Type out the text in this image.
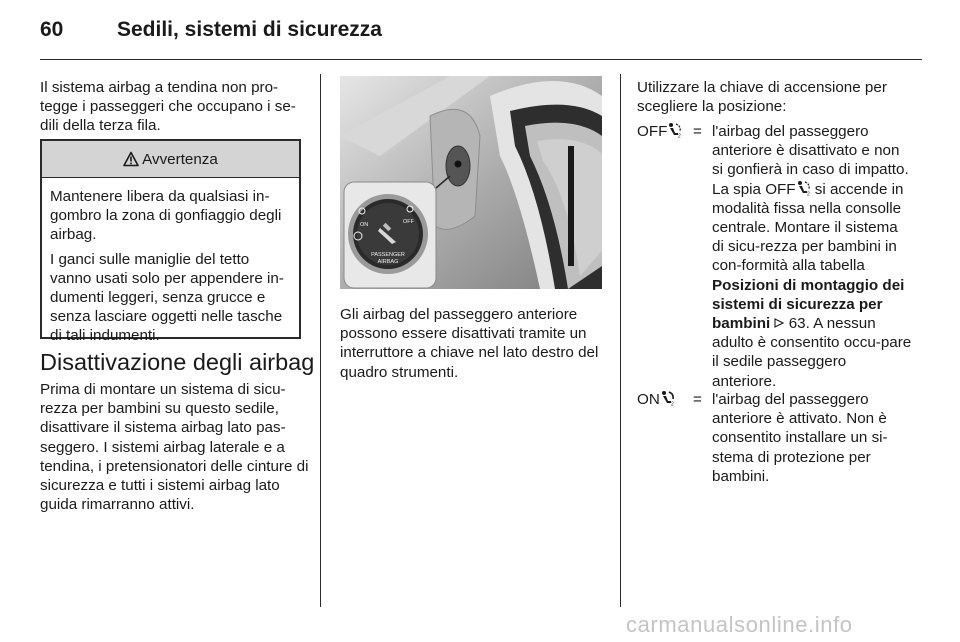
60	Sedili, sistemi di sicurezza

Il sistema airbag a tendina non pro-tegge i passeggeri che occupano i se-dili della terza fila.

Avvertenza

Mantenere libera da qualsiasi in-gombro la zona di gonfiaggio degli airbag.

I ganci sulle maniglie del tetto vanno usati solo per appendere in-dumenti leggeri, senza grucce e senza lasciare oggetti nelle tasche di tali indumenti.

Disattivazione degli airbag

Prima di montare un sistema di sicu-rezza per bambini su questo sedile, disattivare il sistema airbag lato pas-seggero. I sistemi airbag laterale e a tendina, i pretensionatori delle cinture di sicurezza e tutti i sistemi airbag lato guida rimarranno attivi.

ON	OFF
PASSENGER
AIRBAG

Gli airbag del passeggero anteriore possono essere disattivati tramite un interruttore a chiave nel lato destro del quadro strumenti.

Utilizzare la chiave di accensione per scegliere la posizione:

OFF 2 = l'airbag del passeggero anteriore è disattivato e non si gonfierà in caso di impatto. La spia OFF 2 si accende in modalità fissa nella consolle centrale. Montare il sistema di sicu-rezza per bambini in con-formità alla tabella Posizioni di montaggio dei sistemi di sicurezza per bambini  63. A nessun adulto è consentito occu-pare il sedile passeggero anteriore.

ON 2 = l'airbag del passeggero anteriore è attivato. Non è consentito installare un si-stema di protezione per bambini.

carmanualsonline.info
